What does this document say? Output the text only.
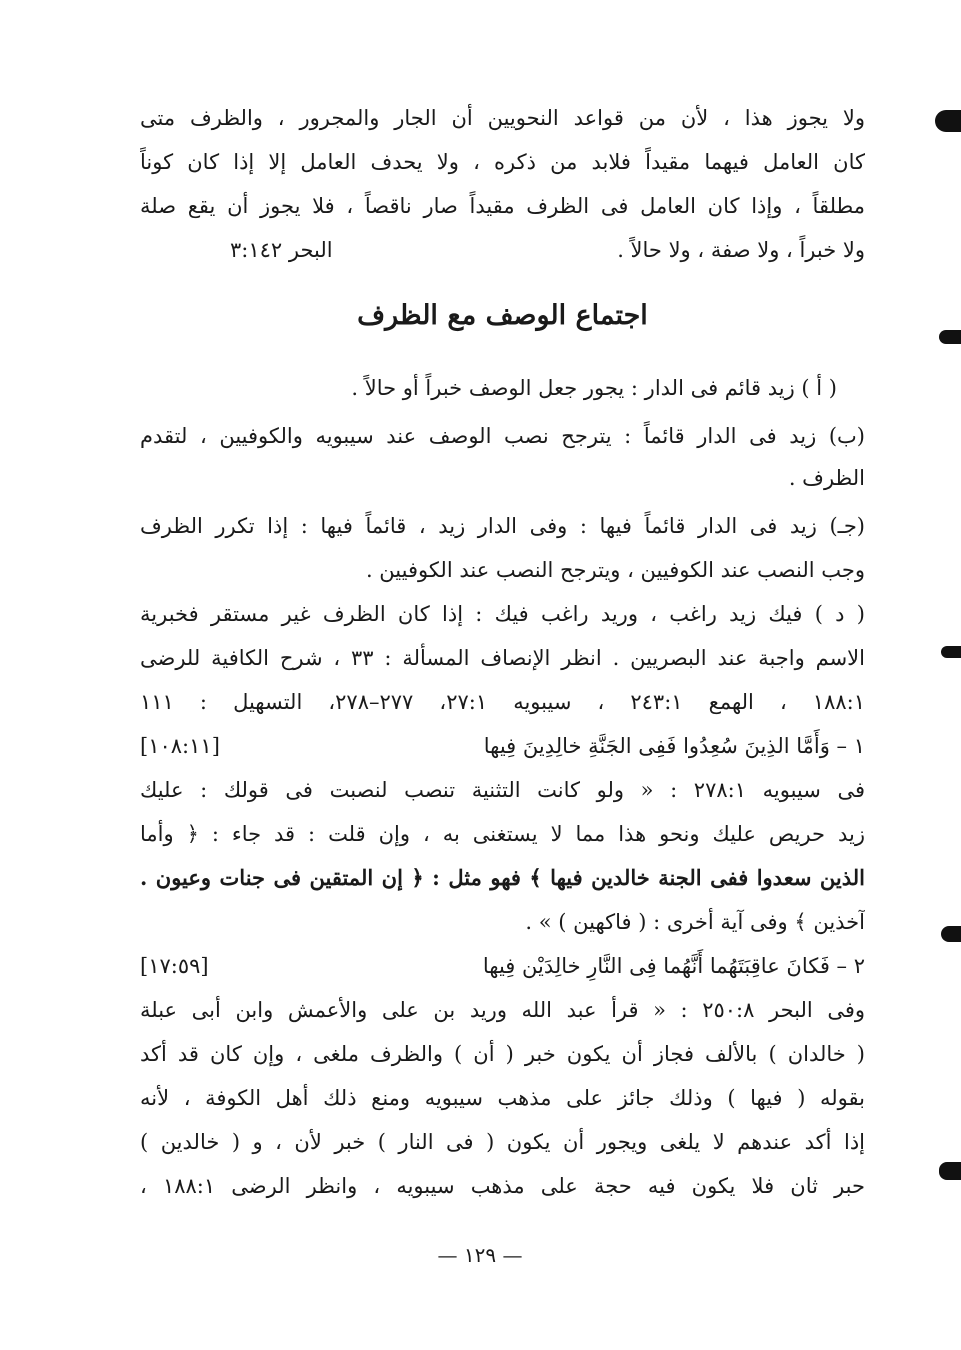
ولا يجوز هذا ، لأن من قواعد النحويين أن الجار والمجرور ، والظرف متى
كان العامل فيهما مقيداً فلابد من ذكره ، ولا يحدف العامل إلا إذا كان كوناً
مطلقاً ، وإذا كان العامل فى الظرف مقيداً صار ناقصاً ، فلا يجوز أن يقع صلة
ولا خبراً ، ولا صفة ، ولا حالاً .
البحر ٣:١٤٢
اجتماع الوصف مع الظرف
( أ ) زيد قائم فى الدار : يجور جعل الوصف خبراً أو حالاً .
(ب) زيد فى الدار قائماً : يترجح نصب الوصف عند سيبويه والكوفيين ، لتقدم
الظرف .
(جـ) زيد فى الدار قائماً فيها : وفى الدار زيد ، قائماً فيها : إذا تكرر الظرف
وجب النصب عند الكوفيين ، ويترجح النصب عند الكوفيين .
( د ) فيك زيد راغب ، وريد راغب فيك : إذا كان الظرف غير مستقر فخبرية
الاسم واجبة عند البصريين . انظر الإنصاف المسألة : ٣٣ ، شرح الكافية للرضى
١٨٨:١ ، الهمع ٢٤٣:١ ، سيبويه ٢٧:١، ٢٧٧–٢٧٨، التسهيل : ١١١
١ – وَأَمَّا الذِينَ سُعِدُوا فَفِى الجَنَّةِ خالِدِينَ فِيها
[١٠٨:١١]
فى سيبويه ٢٧٨:١ : « ولو كانت التثنية تنصب لنصبت فى قولك : عليك
زيد حريص عليك ونحو هذا مما لا يستغنى به ، وإن قلت : قد جاء : ﴿ وأما
الذين سعدوا ففى الجنة خالدين فيها ﴾ فهو مثل : ﴿ إن المتقين فى جنات وعيون .
آخذين ﴾ وفى آية أخرى : ( فاكهين ) » .
٢ – فَكانَ عاقِبَتَهُما أَنَّهُما فِى النَّارِ خالِدَيْن فِيها
[١٧:٥٩]
وفى البحر ٢٥٠:٨ : « قرأ عبد الله وريد بن على والأعمش وابن أبى عبلة
( خالدان ) بالألف فجاز أن يكون خبر ( أن ) والظرف ملغى ، وإن كان قد أكد
بقوله ( فيها ) وذلك جائز على مذهب سيبويه ومنع ذلك أهل الكوفة ، لأنه
إذا أكد عندهم لا يلغى ويجور أن يكون ( فى النار ) خبر لأن ، و ( خالدين )
حبر ثان فلا يكون فيه حجة على مذهب سيبويه ، وانظر الرضى ١٨٨:١ ،
— ١٢٩ —
